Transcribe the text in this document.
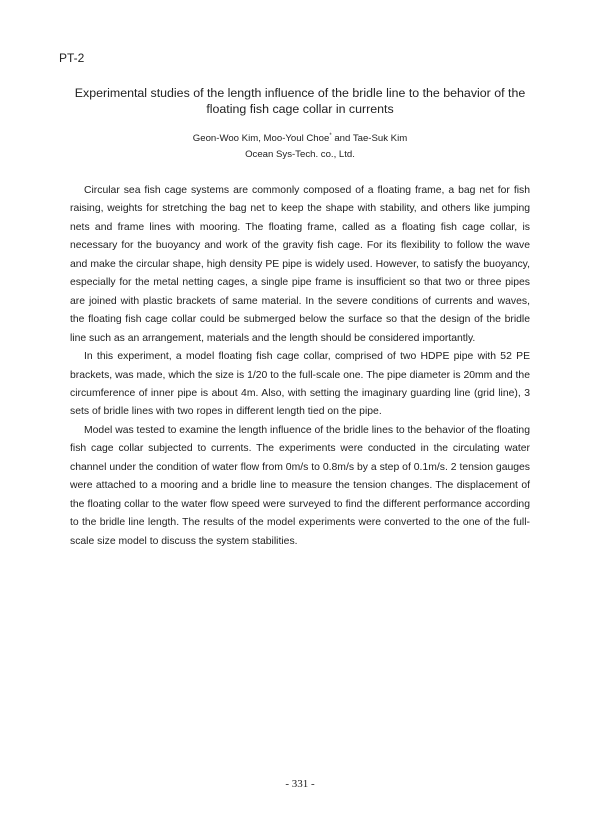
PT-2
Experimental studies of the length influence of the bridle line to the behavior of the floating fish cage collar in currents
Geon-Woo Kim, Moo-Youl Choe* and Tae-Suk Kim
Ocean Sys-Tech. co., Ltd.

Circular sea fish cage systems are commonly composed of a floating frame, a bag net for fish raising, weights for stretching the bag net to keep the shape with stability, and others like jumping nets and frame lines with mooring. The floating frame, called as a floating fish cage collar, is necessary for the buoyancy and work of the gravity fish cage. For its flexibility to follow the wave and make the circular shape, high density PE pipe is widely used. However, to satisfy the buoyancy, especially for the metal netting cages, a single pipe frame is insufficient so that two or three pipes are joined with plastic brackets of same material. In the severe conditions of currents and waves, the floating fish cage collar could be submerged below the surface so that the design of the bridle line such as an arrangement, materials and the length should be considered importantly.

In this experiment, a model floating fish cage collar, comprised of two HDPE pipe with 52 PE brackets, was made, which the size is 1/20 to the full-scale one. The pipe diameter is 20mm and the circumference of inner pipe is about 4m. Also, with setting the imaginary guarding line (grid line), 3 sets of bridle lines with two ropes in different length tied on the pipe.

Model was tested to examine the length influence of the bridle lines to the behavior of the floating fish cage collar subjected to currents. The experiments were conducted in the circulating water channel under the condition of water flow from 0m/s to 0.8m/s by a step of 0.1m/s. 2 tension gauges were attached to a mooring and a bridle line to measure the tension changes. The displacement of the floating collar to the water flow speed were surveyed to find the different performance according to the bridle line length. The results of the model experiments were converted to the one of the full-scale size model to discuss the system stabilities.

- 331 -
